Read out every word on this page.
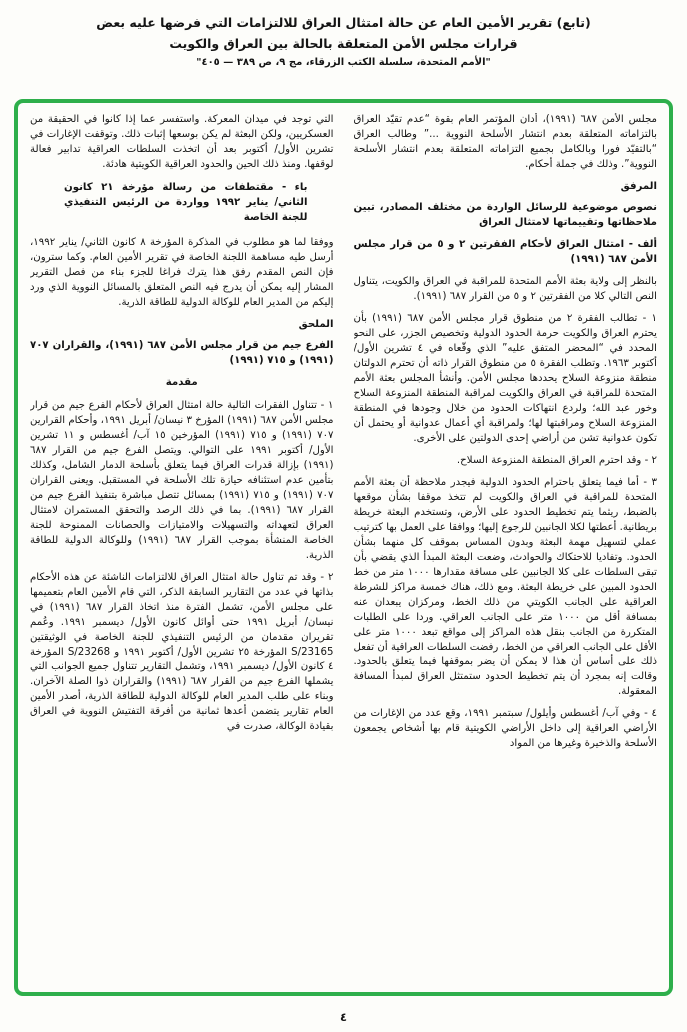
(تابع) تقرير الأمين العام عن حالة امتثال العراق للالتزامات التي فرضها عليه بعض
قرارات مجلس الأمن المتعلقة بالحالة بين العراق والكويت
"الأمم المتحدة، سلسلة الكتب الزرقاء، مج ٩، ص ٣٨٩ — ٤٠٥"

مجلس الأمن ٦٨٧ (١٩٩١)، أدان المؤتمر العام بقوة “عدم تقيّد العراق بالتزاماته المتعلقة بعدم انتشار الأسلحة النووية ...” وطالب العراق “بالتقيّد فورا وبالكامل بجميع التزاماته المتعلقة بعدم انتشار الأسلحة النووية”. وذلك في جملة أحكام.

المرفق

نصوص موضوعية للرسائل الواردة من مختلف المصادر، تبين ملاحظاتها وتقييماتها لامتثال العراق

ألف - امتثال العراق لأحكام الفقرتين ٢ و ٥ من قرار مجلس الأمن ٦٨٧ (١٩٩١)

بالنظر إلى ولاية بعثة الأمم المتحدة للمراقبة في العراق والكويت، يتناول النص التالي كلا من الفقرتين ٢ و ٥ من القرار ٦٨٧ (١٩٩١).

١ - تطالب الفقرة ٢ من منطوق قرار مجلس الأمن ٦٨٧ (١٩٩١) بأن يحترم العراق والكويت حرمة الحدود الدولية وتخصيص الجزر، على النحو المحدد في “المحضر المتفق عليه” الذي وقّعاه في ٤ تشرين الأول/ أكتوبر ١٩٦٣. وتطلب الفقرة ٥ من منطوق القرار ذاته أن تحترم الدولتان منطقة منزوعة السلاح يحددها مجلس الأمن. وأنشأ المجلس بعثة الأمم المتحدة للمراقبة في العراق والكويت لمراقبة المنطقة المنزوعة السلاح وخور عبد الله؛ ولردع انتهاكات الحدود من خلال وجودها في المنطقة المنزوعة السلاح ومراقبتها لها؛ ولمراقبة أي أعمال عدوانية أو يحتمل أن تكون عدوانية تشن من أراضي إحدى الدولتين على الأخرى.

٢ - وقد احترم العراق المنطقة المنزوعة السلاح.

٣ - أما فيما يتعلق باحترام الحدود الدولية فيجدر ملاحظة أن بعثة الأمم المتحدة للمراقبة في العراق والكويت لم تتخذ موقفا بشأن موقعها بالضبط، ريثما يتم تخطيط الحدود على الأرض، وتستخدم البعثة خريطة بريطانية. أعطتها لكلا الجانبين للرجوع إليها؛ ووافقا على العمل بها كترتيب عملي لتسهيل مهمة البعثة وبدون المساس بموقف كل منهما بشأن الحدود. وتفاديا للاحتكاك والحوادث، وضعت البعثة المبدأ الذي يقضي بأن تبقى السلطات على كلا الجانبين على مسافة مقدارها ١٠٠٠ متر من خط الحدود المبين على خريطة البعثة. ومع ذلك، هناك خمسة مراكز للشرطة العراقية على الجانب الكويتي من ذلك الخط، ومركزان يبعدان عنه بمسافة أقل من ١٠٠٠ متر على الجانب العراقي. وردا على الطلبات المتكررة من الجانب بنقل هذه المراكز إلى مواقع تبعد ١٠٠٠ متر على الأقل على الجانب العراقي من الخط، رفضت السلطات العراقية أن تفعل ذلك على أساس أن هذا لا يمكن أن يضر بموقفها فيما يتعلق بالحدود. وقالت إنه بمجرد أن يتم تخطيط الحدود ستمتثل العراق لمبدأ المسافة المعقولة.

٤ - وفي آب/ أغسطس وأيلول/ سبتمبر ١٩٩١، وقع عدد من الإغارات من الأراضي العراقية إلى داخل الأراضي الكويتية قام بها أشخاص يجمعون الأسلحة والذخيرة وغيرها من المواد

التي توجد في ميدان المعركة. واستفسر عما إذا كانوا في الحقيقة من العسكريين، ولكن البعثة لم يكن بوسعها إثبات ذلك. وتوقفت الإغارات في تشرين الأول/ أكتوبر بعد أن اتخذت السلطات العراقية تدابير فعالة لوقفها. ومنذ ذلك الحين والحدود العراقية الكويتية هادئة.

باء - مقتطفات من رسالة مؤرخة ٢١ كانون الثاني/ يناير ١٩٩٢ وواردة من الرئيس التنفيذي للجنة الخاصة

ووفقا لما هو مطلوب في المذكرة المؤرخة ٨ كانون الثاني/ يناير ١٩٩٢، أرسل طيه مساهمة اللجنة الخاصة في تقرير الأمين العام. وكما سترون، فإن النص المقدم رفق هذا يترك فراغا للجزء بناء من فصل التقرير المشار إليه يمكن أن يدرج فيه النص المتعلق بالمسائل النووية الذي ورد إليكم من المدير العام للوكالة الدولية للطاقة الذرية.

الملحق

الفرع جيم من قرار مجلس الأمن ٦٨٧ (١٩٩١)، والقراران ٧٠٧ (١٩٩١) و ٧١٥ (١٩٩١)

مقدمة

١ - تتناول الفقرات التالية حالة امتثال العراق لأحكام الفرع جيم من قرار مجلس الأمن ٦٨٧ (١٩٩١) المؤرخ ٣ نيسان/ أبريل ١٩٩١، وأحكام القرارين ٧٠٧ (١٩٩١) و ٧١٥ (١٩٩١) المؤرخين ١٥ آب/ أغسطس و ١١ تشرين الأول/ أكتوبر ١٩٩١ على التوالي. ويتصل الفرع جيم من القرار ٦٨٧ (١٩٩١) بإزالة قدرات العراق فيما يتعلق بأسلحة الدمار الشامل، وكذلك بتأمين عدم استئنافه حيازة تلك الأسلحة في المستقبل. ويعنى القراران ٧٠٧ (١٩٩١) و ٧١٥ (١٩٩١) بمسائل تتصل مباشرة بتنفيذ الفرع جيم من القرار ٦٨٧ (١٩٩١). بما في ذلك الرصد والتحقق المستمران لامتثال العراق لتعهداته والتسهيلات والامتيازات والحصانات الممنوحة للجنة الخاصة المنشأة بموجب القرار ٦٨٧ (١٩٩١) وللوكالة الدولية للطاقة الذرية.

٢ - وقد تم تناول حالة امتثال العراق للالتزامات الناشئة عن هذه الأحكام بذاتها في عدد من التقارير السابقة الذكر، التي قام الأمين العام بتعميمها على مجلس الأمن، تشمل الفترة منذ اتخاذ القرار ٦٨٧ (١٩٩١) في نيسان/ أبريل ١٩٩١ حتى أوائل كانون الأول/ ديسمبر ١٩٩١. وعُمم تقريران مقدمان من الرئيس التنفيذي للجنة الخاصة في الوثيقتين S/23165 المؤرخة ٢٥ تشرين الأول/ أكتوبر ١٩٩١ و S/23268 المؤرخة ٤ كانون الأول/ ديسمبر ١٩٩١، وتشمل التقارير تتناول جميع الجوانب التي يشملها الفرع جيم من القرار ٦٨٧ (١٩٩١) والقراران ذوا الصلة الآخران. وبناء على طلب المدير العام للوكالة الدولية للطاقة الذرية، أصدر الأمين العام تقارير يتضمن أعدها ثمانية من أفرقة التفتيش النووية في العراق بقيادة الوكالة، صدرت في

٤
